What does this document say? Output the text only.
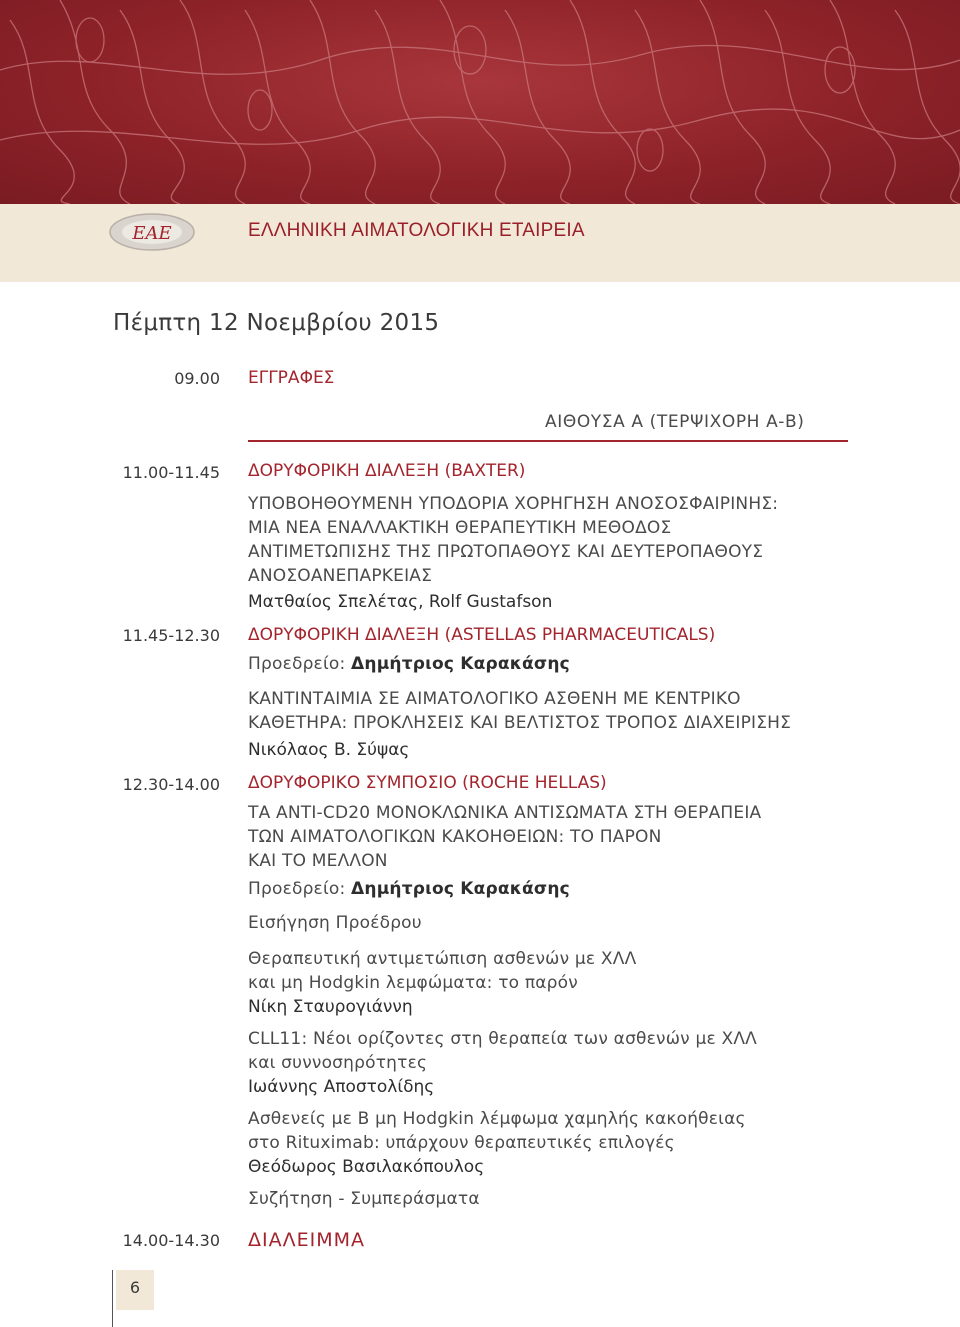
ΕΑΕ	ΕΛΛΗΝΙΚΗ ΑΙΜΑΤΟΛΟΓΙΚΗ ΕΤΑΙΡΕΙΑ
Πέμπτη 12 Νοεμβρίου 2015
09.00 ΕΓΓΡΑΦΕΣ
ΑΙΘΟΥΣΑ Α (ΤΕΡΨΙΧΟΡΗ Α-Β)
11.00-11.45 ΔΟΡΥΦΟΡΙΚΗ ΔΙΑΛΕΞΗ (BAXTER)
ΥΠΟΒΟΗΘΟΥΜΕΝΗ ΥΠΟΔΟΡΙΑ ΧΟΡΗΓΗΣΗ ΑΝΟΣΟΣΦΑΙΡΙΝΗΣ:
ΜΙΑ ΝΕΑ ΕΝΑΛΛΑΚΤΙΚΗ ΘΕΡΑΠΕΥΤΙΚΗ ΜΕΘΟΔΟΣ
ΑΝΤΙΜΕΤΩΠΙΣΗΣ ΤΗΣ ΠΡΩΤΟΠΑΘΟΥΣ ΚΑΙ ΔΕΥΤΕΡΟΠΑΘΟΥΣ
ΑΝΟΣΟΑΝΕΠΑΡΚΕΙΑΣ
Ματθαίος Σπελέτας, Rolf Gustafson
11.45-12.30 ΔΟΡΥΦΟΡΙΚΗ ΔΙΑΛΕΞΗ (ASTELLAS PHARMACEUTICALS)
Προεδρείο: Δημήτριος Καρακάσης
ΚΑΝΤΙΝΤΑΙΜΙΑ ΣΕ ΑΙΜΑΤΟΛΟΓΙΚΟ ΑΣΘΕΝΗ ΜΕ ΚΕΝΤΡΙΚΟ
ΚΑΘΕΤΗΡΑ: ΠΡΟΚΛΗΣΕΙΣ ΚΑΙ ΒΕΛΤΙΣΤΟΣ ΤΡΟΠΟΣ ΔΙΑΧΕΙΡΙΣΗΣ
Νικόλαος Β. Σύψας
12.30-14.00 ΔΟΡΥΦΟΡΙΚΟ ΣΥΜΠΟΣΙΟ (ROCHE HELLAS)
ΤΑ ΑΝΤΙ-CD20 ΜΟΝΟΚΛΩΝΙΚΑ ΑΝΤΙΣΩΜΑΤΑ ΣΤΗ ΘΕΡΑΠΕΙΑ
ΤΩΝ ΑΙΜΑΤΟΛΟΓΙΚΩΝ ΚΑΚΟΗΘΕΙΩΝ: ΤΟ ΠΑΡΟΝ
ΚΑΙ ΤΟ ΜΕΛΛΟΝ
Προεδρείο: Δημήτριος Καρακάσης
Εισήγηση Προέδρου
Θεραπευτική αντιμετώπιση ασθενών με ΧΛΛ
και μη Hodgkin λεμφώματα: το παρόν
Νίκη Σταυρογιάννη
CLL11: Νέοι ορίζοντες στη θεραπεία των ασθενών με ΧΛΛ
και συννοσηρότητες
Ιωάννης Αποστολίδης
Ασθενείς με Β μη Hodgkin λέμφωμα χαμηλής κακοήθειας
στο Rituximab: υπάρχουν θεραπευτικές επιλογές
Θεόδωρος Βασιλακόπουλος
Συζήτηση - Συμπεράσματα
14.00-14.30 ΔΙΑΛΕΙΜΜΑ
6
